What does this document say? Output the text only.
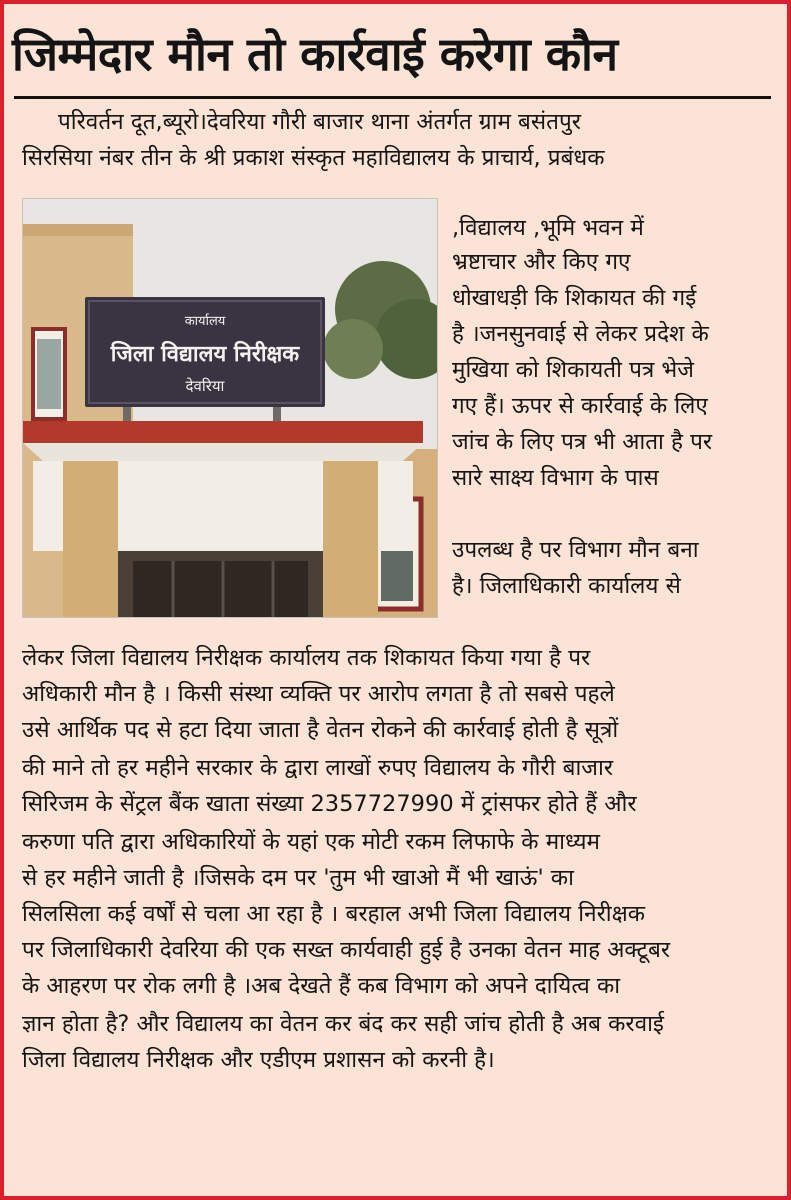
जिम्मेदार मौन तो कार्रवाई करेगा कौन
कार्यालय
जिला विद्यालय निरीक्षक
देवरिया

परिवर्तन दूत,ब्यूरो।देवरिया गौरी बाजार थाना अंतर्गत ग्राम बसंतपुर

सिरसिया नंबर तीन के श्री प्रकाश संस्कृत महाविद्यालय के प्राचार्य, प्रबंधक

,विद्यालय ,भूमि भवन में

भ्रष्टाचार और किए गए

धोखाधड़ी कि शिकायत की गई

है ।जनसुनवाई से लेकर प्रदेश के

मुखिया को शिकायती पत्र भेजे

गए हैं। ऊपर से कार्रवाई के लिए

जांच के लिए पत्र भी आता है पर

सारे साक्ष्य विभाग के पास

उपलब्ध है पर विभाग मौन बना

है। जिलाधिकारी कार्यालय से

लेकर जिला विद्यालय निरीक्षक कार्यालय तक शिकायत किया गया है पर

अधिकारी मौन है । किसी संस्था व्यक्ति पर आरोप लगता है तो सबसे पहले

उसे आर्थिक पद से हटा दिया जाता है वेतन रोकने की कार्रवाई होती है सूत्रों

की माने तो हर महीने सरकार के द्वारा लाखों रुपए विद्यालय के गौरी बाजार

सिरिजम के सेंट्रल बैंक खाता संख्या 2357727990 में ट्रांसफर होते हैं और

करुणा पति द्वारा अधिकारियों के यहां एक मोटी रकम लिफाफे के माध्यम

से हर महीने जाती है ।जिसके दम पर 'तुम भी खाओ मैं भी खाऊं' का

सिलसिला कई वर्षों से चला आ रहा है । बरहाल अभी जिला विद्यालय निरीक्षक

पर जिलाधिकारी देवरिया की एक सख्त कार्यवाही हुई है उनका वेतन माह अक्टूबर

के आहरण पर रोक लगी है ।अब देखते हैं कब विभाग को अपने दायित्व का

ज्ञान होता है? और विद्यालय का वेतन कर बंद कर सही जांच होती है अब करवाई

जिला विद्यालय निरीक्षक और एडीएम प्रशासन को करनी है।
